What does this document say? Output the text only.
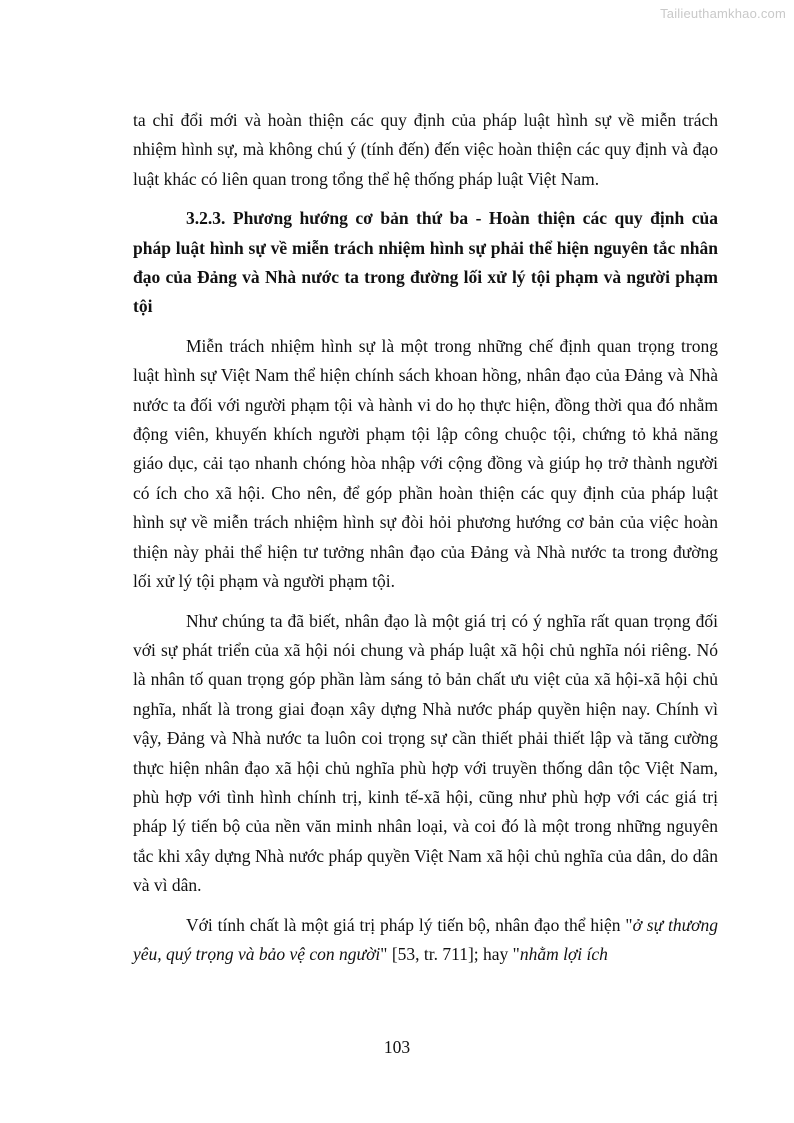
Tailieuthamkhao.com

ta chỉ đổi mới và hoàn thiện các quy định của pháp luật hình sự về miễn trách nhiệm hình sự, mà không chú ý (tính đến) đến việc hoàn thiện các quy định và đạo luật khác có liên quan trong tổng thể hệ thống pháp luật Việt Nam.

3.2.3. Phương hướng cơ bản thứ ba - Hoàn thiện các quy định của pháp luật hình sự về miễn trách nhiệm hình sự phải thể hiện nguyên tắc nhân đạo của Đảng và Nhà nước ta trong đường lối xử lý tội phạm và người phạm tội

Miễn trách nhiệm hình sự là một trong những chế định quan trọng trong luật hình sự Việt Nam thể hiện chính sách khoan hồng, nhân đạo của Đảng và Nhà nước ta đối với người phạm tội và hành vi do họ thực hiện, đồng thời qua đó nhằm động viên, khuyến khích người phạm tội lập công chuộc tội, chứng tỏ khả năng giáo dục, cải tạo nhanh chóng hòa nhập với cộng đồng và giúp họ trở thành người có ích cho xã hội. Cho nên, để góp phần hoàn thiện các quy định của pháp luật hình sự về miễn trách nhiệm hình sự đòi hỏi phương hướng cơ bản của việc hoàn thiện này phải thể hiện tư tưởng nhân đạo của Đảng và Nhà nước ta trong đường lối xử lý tội phạm và người phạm tội.

Như chúng ta đã biết, nhân đạo là một giá trị có ý nghĩa rất quan trọng đối với sự phát triển của xã hội nói chung và pháp luật xã hội chủ nghĩa nói riêng. Nó là nhân tố quan trọng góp phần làm sáng tỏ bản chất ưu việt của xã hội-xã hội chủ nghĩa, nhất là trong giai đoạn xây dựng Nhà nước pháp quyền hiện nay. Chính vì vậy, Đảng và Nhà nước ta luôn coi trọng sự cần thiết phải thiết lập và tăng cường thực hiện nhân đạo xã hội chủ nghĩa phù hợp với truyền thống dân tộc Việt Nam, phù hợp với tình hình chính trị, kinh tế-xã hội, cũng như phù hợp với các giá trị pháp lý tiến bộ của nền văn minh nhân loại, và coi đó là một trong những nguyên tắc khi xây dựng Nhà nước pháp quyền Việt Nam xã hội chủ nghĩa của dân, do dân và vì dân.

Với tính chất là một giá trị pháp lý tiến bộ, nhân đạo thể hiện "ở sự thương yêu, quý trọng và bảo vệ con người" [53, tr. 711]; hay "nhằm lợi ích

103
